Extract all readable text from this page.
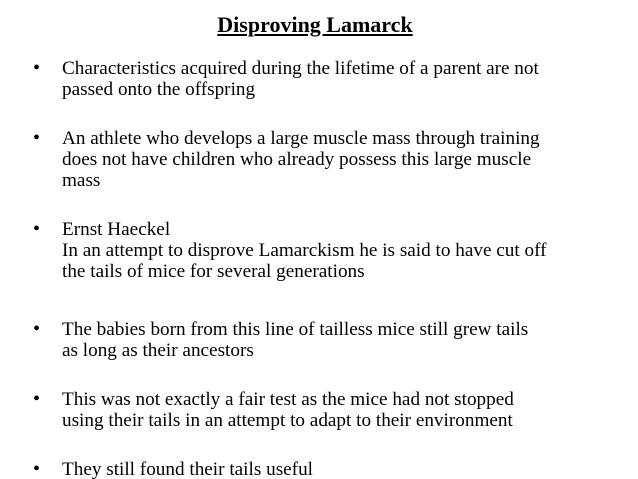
Disproving Lamarck
• Characteristics acquired during the lifetime of a parent are not
passed onto the offspring
• An athlete who develops a large muscle mass through training
does not have children who already possess this large muscle
mass
• Ernst Haeckel
In an attempt to disprove Lamarckism he is said to have cut off
the tails of mice for several generations
• The babies born from this line of tailless mice still grew tails
as long as their ancestors
• This was not exactly a fair test as the mice had not stopped
using their tails in an attempt to adapt to their environment
• They still found their tails useful
